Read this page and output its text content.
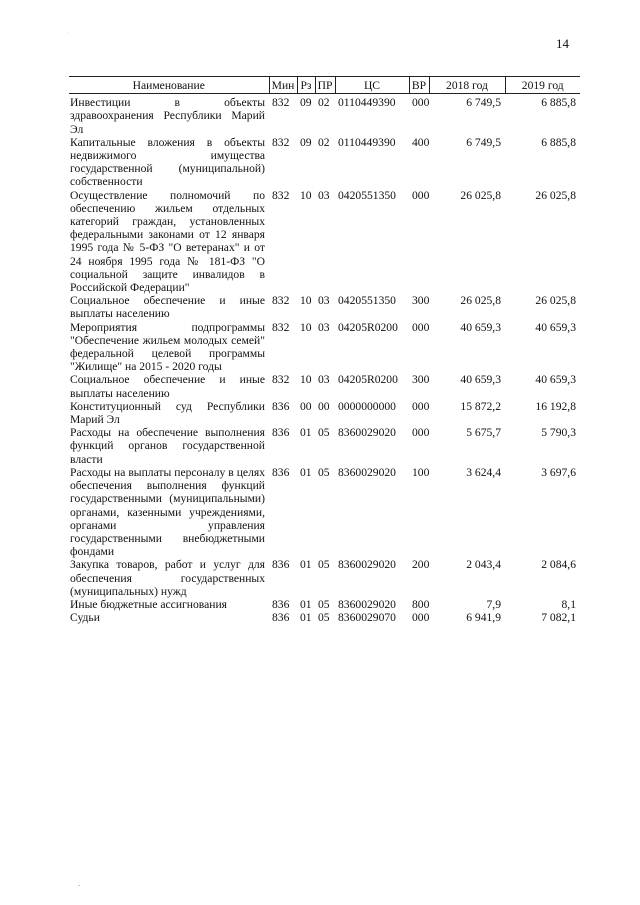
14
Наименование	Мин	Рз	ПР	ЦС	ВР	2018 год	2019 год
Инвестиции в объекты здравоохранения Республики Марий Эл	832	09	02	0110449390	000	6 749,5	6 885,8
Капитальные вложения в объекты недвижимого имущества государственной (муниципальной) собственности	832	09	02	0110449390	400	6 749,5	6 885,8
Осуществление полномочий по обеспечению жильем отдельных категорий граждан, установленных федеральными законами от 12 января 1995 года № 5-ФЗ "О ветеранах" и от 24 ноября 1995 года № 181-ФЗ "О социальной защите инвалидов в Российской Федерации"	832	10	03	0420551350	000	26 025,8	26 025,8
Социальное обеспечение и иные выплаты населению	832	10	03	0420551350	300	26 025,8	26 025,8
Мероприятия подпрограммы "Обеспечение жильем молодых семей" федеральной целевой программы "Жилище" на 2015 - 2020 годы	832	10	03	04205R0200	000	40 659,3	40 659,3
Социальное обеспечение и иные выплаты населению	832	10	03	04205R0200	300	40 659,3	40 659,3
Конституционный суд Республики Марий Эл	836	00	00	0000000000	000	15 872,2	16 192,8
Расходы на обеспечение выполнения функций органов государственной власти	836	01	05	8360029020	000	5 675,7	5 790,3
Расходы на выплаты персоналу в целях обеспечения выполнения функций государственными (муниципальными) органами, казенными учреждениями, органами управления государственными внебюджетными фондами	836	01	05	8360029020	100	3 624,4	3 697,6
Закупка товаров, работ и услуг для обеспечения государственных (муниципальных) нужд	836	01	05	8360029020	200	2 043,4	2 084,6
Иные бюджетные ассигнования	836	01	05	8360029020	800	7,9	8,1
Судьи	836	01	05	8360029070	000	6 941,9	7 082,1
·
ˇ
